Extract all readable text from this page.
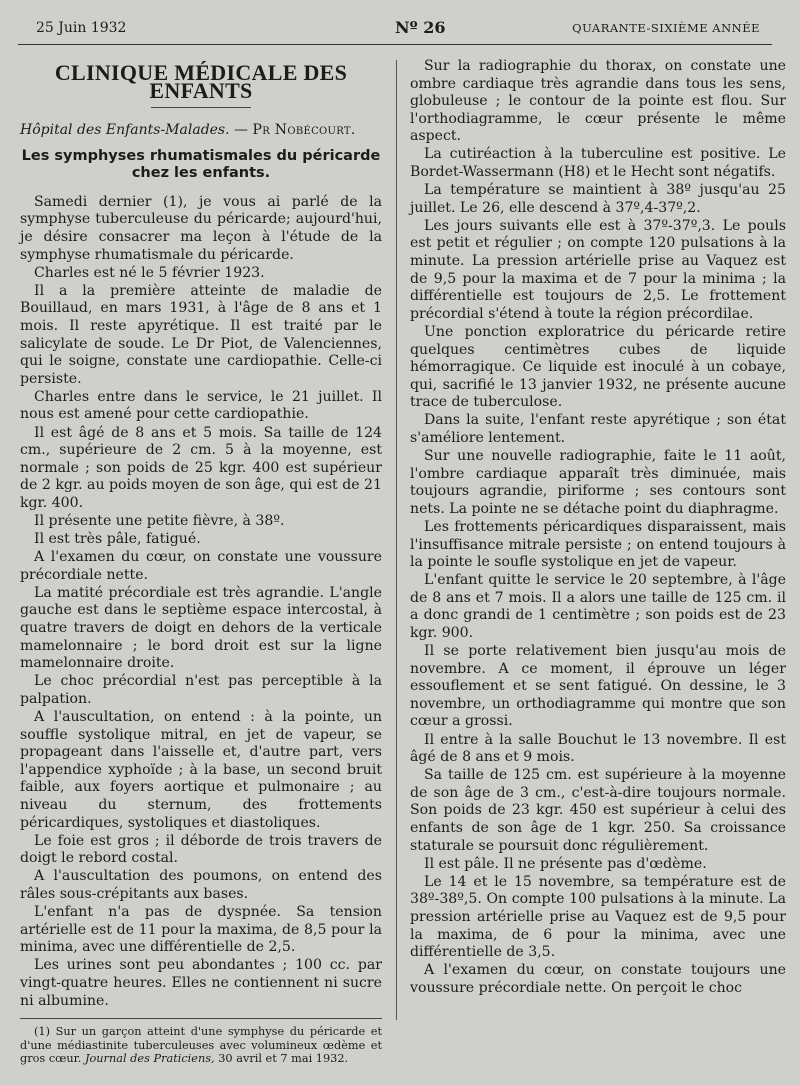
25 Juin 1932	Nº 26	QUARANTE-SIXIÈME ANNÉE
CLINIQUE MÉDICALE DES ENFANTS
Hôpital des Enfants-Malades. — Pr Nobécourt.
Les symphyses rhumatismales du péricarde chez les enfants.

Samedi dernier (1), je vous ai parlé de la symphyse tuberculeuse du péricarde; aujourd'hui, je désire consacrer ma leçon à l'étude de la symphyse rhumatismale du péricarde.

Charles est né le 5 février 1923.

Il a la première atteinte de maladie de Bouillaud, en mars 1931, à l'âge de 8 ans et 1 mois. Il reste apyrétique. Il est traité par le salicylate de soude. Le Dr Piot, de Valenciennes, qui le soigne, constate une cardiopathie. Celle-ci persiste.

Charles entre dans le service, le 21 juillet. Il nous est amené pour cette cardiopathie.

Il est âgé de 8 ans et 5 mois. Sa taille de 124 cm., supérieure de 2 cm. 5 à la moyenne, est normale ; son poids de 25 kgr. 400 est supérieur de 2 kgr. au poids moyen de son âge, qui est de 21 kgr. 400.

Il présente une petite fièvre, à 38º.

Il est très pâle, fatigué.

A l'examen du cœur, on constate une voussure précordiale nette.

La matité précordiale est très agrandie. L'angle gauche est dans le septième espace intercostal, à quatre travers de doigt en dehors de la verticale mamelonnaire ; le bord droit est sur la ligne mamelonnaire droite.

Le choc précordial n'est pas perceptible à la palpation.

A l'auscultation, on entend : à la pointe, un souffle systolique mitral, en jet de vapeur, se propageant dans l'aisselle et, d'autre part, vers l'appendice xyphoïde ; à la base, un second bruit faible, aux foyers aortique et pulmonaire ; au niveau du sternum, des frottements péricardiques, systoliques et diastoliques.

Le foie est gros ; il déborde de trois travers de doigt le rebord costal.

A l'auscultation des poumons, on entend des râles sous-crépitants aux bases.

L'enfant n'a pas de dyspnée. Sa tension artérielle est de 11 pour la maxima, de 8,5 pour la minima, avec une différentielle de 2,5.

Les urines sont peu abondantes ; 100 cc. par vingt-quatre heures. Elles ne contiennent ni sucre ni albumine.

(1) Sur un garçon atteint d'une symphyse du péricarde et d'une médiastinite tuberculeuses avec volumineux œdème et gros cœur. Journal des Praticiens, 30 avril et 7 mai 1932.

Sur la radiographie du thorax, on constate une ombre cardiaque très agrandie dans tous les sens, globuleuse ; le contour de la pointe est flou. Sur l'orthodiagramme, le cœur présente le même aspect.

La cutiréaction à la tuberculine est positive. Le Bordet-Wassermann (H8) et le Hecht sont négatifs.

La température se maintient à 38º jusqu'au 25 juillet. Le 26, elle descend à 37º,4-37º,2.

Les jours suivants elle est à 37º-37º,3. Le pouls est petit et régulier ; on compte 120 pulsations à la minute. La pression artérielle prise au Vaquez est de 9,5 pour la maxima et de 7 pour la minima ; la différentielle est toujours de 2,5. Le frottement précordial s'étend à toute la région précordilae.

Une ponction exploratrice du péricarde retire quelques centimètres cubes de liquide hémorragique. Ce liquide est inoculé à un cobaye, qui, sacrifié le 13 janvier 1932, ne présente aucune trace de tuberculose.

Dans la suite, l'enfant reste apyrétique ; son état s'améliore lentement.

Sur une nouvelle radiographie, faite le 11 août, l'ombre cardiaque apparaît très diminuée, mais toujours agrandie, piriforme ; ses contours sont nets. La pointe ne se détache point du diaphragme.

Les frottements péricardiques disparaissent, mais l'insuffisance mitrale persiste ; on entend toujours à la pointe le soufle systolique en jet de vapeur.

L'enfant quitte le service le 20 septembre, à l'âge de 8 ans et 7 mois. Il a alors une taille de 125 cm. il a donc grandi de 1 centimètre ; son poids est de 23 kgr. 900.

Il se porte relativement bien jusqu'au mois de novembre. A ce moment, il éprouve un léger essouflement et se sent fatigué. On dessine, le 3 novembre, un orthodiagramme qui montre que son cœur a grossi.

Il entre à la salle Bouchut le 13 novembre. Il est âgé de 8 ans et 9 mois.

Sa taille de 125 cm. est supérieure à la moyenne de son âge de 3 cm., c'est-à-dire toujours normale. Son poids de 23 kgr. 450 est supérieur à celui des enfants de son âge de 1 kgr. 250. Sa croissance staturale se poursuit donc régulièrement.

Il est pâle. Il ne présente pas d'œdème.

Le 14 et le 15 novembre, sa température est de 38º-38º,5. On compte 100 pulsations à la minute. La pression artérielle prise au Vaquez est de 9,5 pour la maxima, de 6 pour la minima, avec une différentielle de 3,5.

A l'examen du cœur, on constate toujours une voussure précordiale nette. On perçoit le choc
